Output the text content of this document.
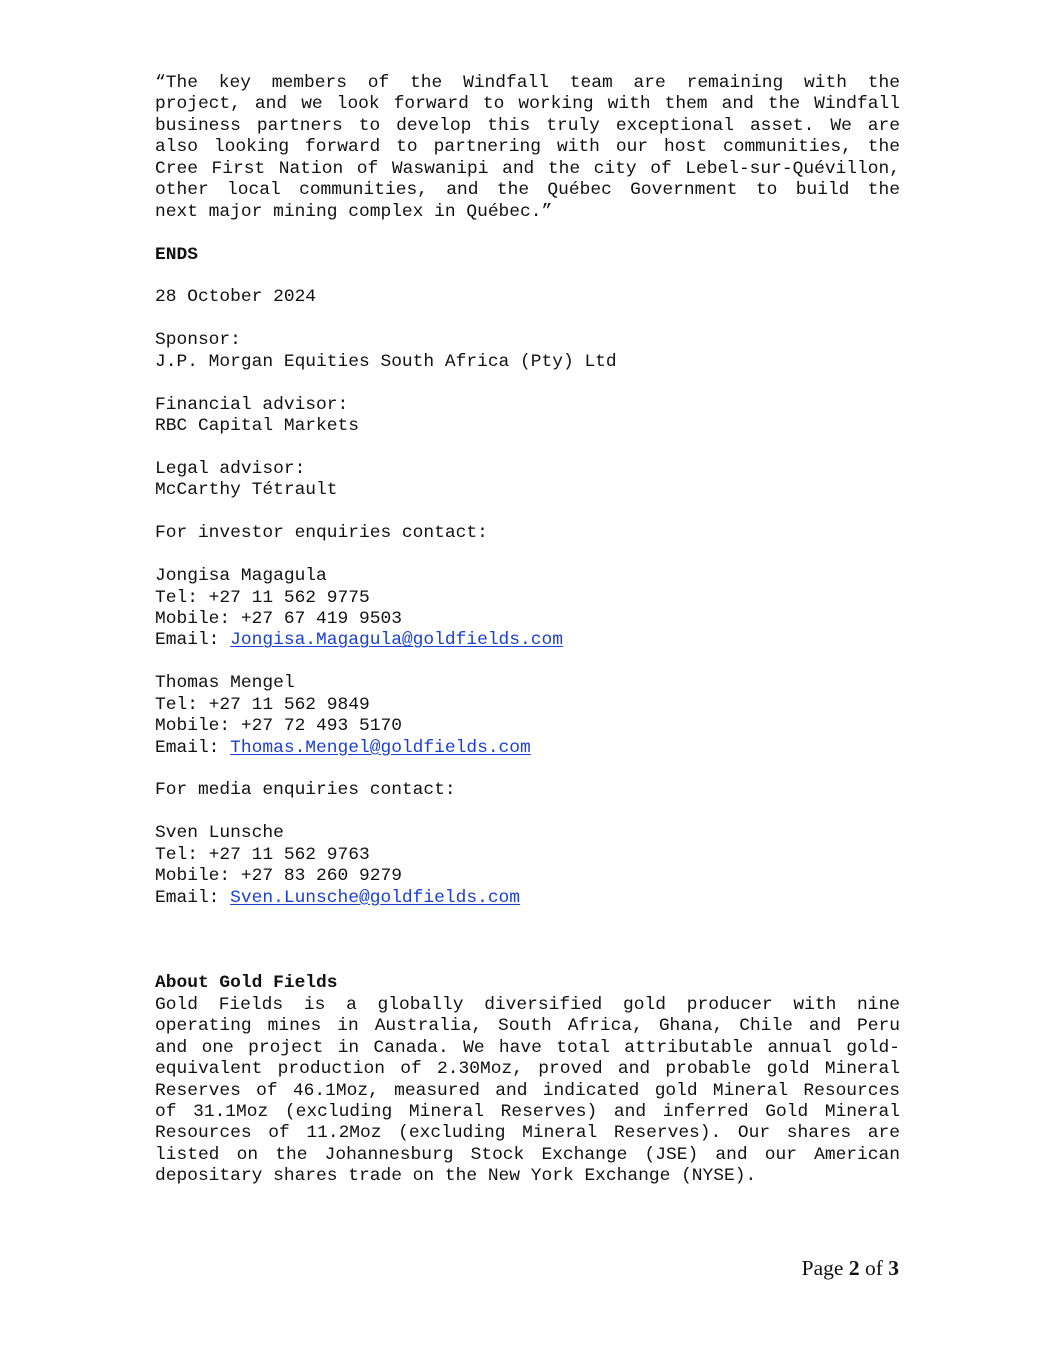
“The key members of the Windfall team are remaining with the
project, and we look forward to working with them and the Windfall
business partners to develop this truly exceptional asset. We are
also looking forward to partnering with our host communities, the
Cree First Nation of Waswanipi and the city of Lebel-sur-Quévillon,
other local communities, and the Québec Government to build the
next major mining complex in Québec.”
ENDS
28 October 2024
Sponsor:
J.P. Morgan Equities South Africa (Pty) Ltd
Financial advisor:
RBC Capital Markets
Legal advisor:
McCarthy Tétrault
For investor enquiries contact:
Jongisa Magagula
Tel: +27 11 562 9775
Mobile: +27 67 419 9503
Email: Jongisa.Magagula@goldfields.com
Thomas Mengel
Tel: +27 11 562 9849
Mobile: +27 72 493 5170
Email: Thomas.Mengel@goldfields.com
For media enquiries contact:
Sven Lunsche
Tel: +27 11 562 9763
Mobile: +27 83 260 9279
Email: Sven.Lunsche@goldfields.com
About Gold Fields
Gold Fields is a globally diversified gold producer with nine
operating mines in Australia, South Africa, Ghana, Chile and Peru
and one project in Canada. We have total attributable annual gold-
equivalent production of 2.30Moz, proved and probable gold Mineral
Reserves of 46.1Moz, measured and indicated gold Mineral Resources
of 31.1Moz (excluding Mineral Reserves) and inferred Gold Mineral
Resources of 11.2Moz (excluding Mineral Reserves). Our shares are
listed on the Johannesburg Stock Exchange (JSE) and our American
depositary shares trade on the New York Exchange (NYSE).
Page 2 of 3
